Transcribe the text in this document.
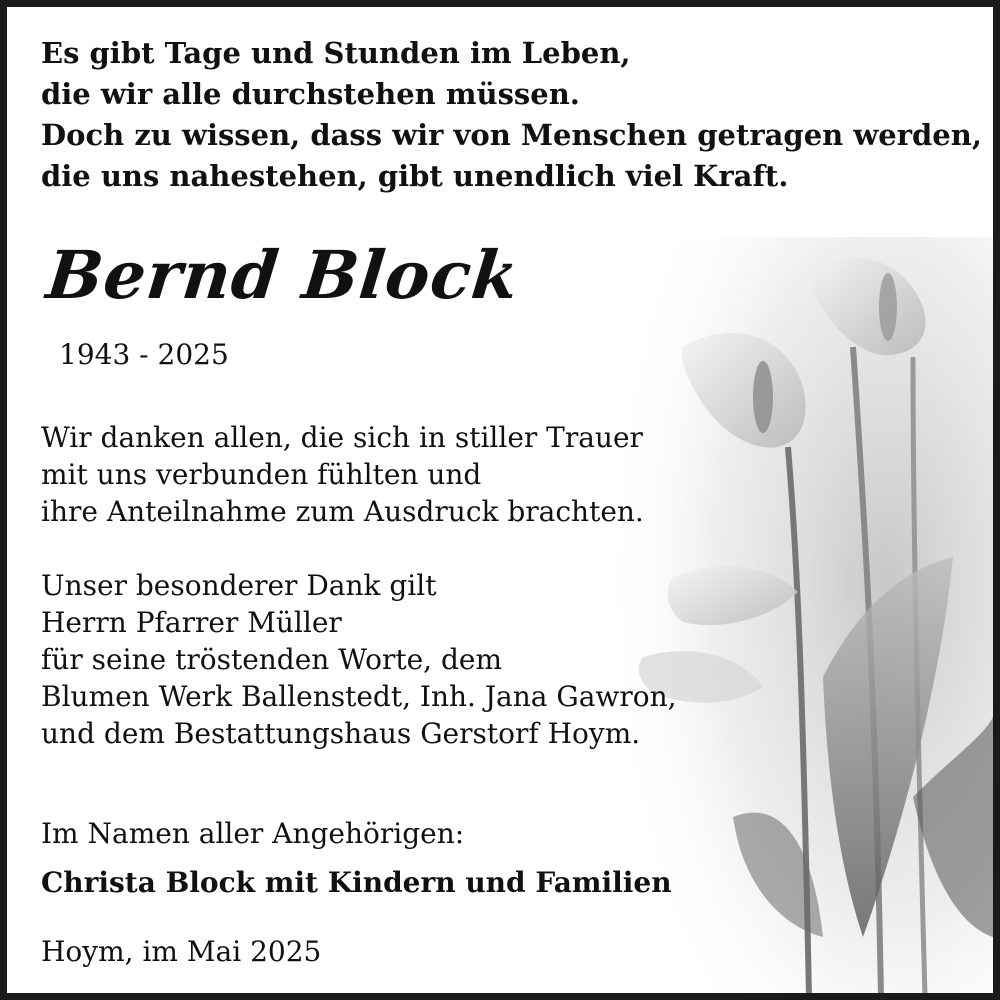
Es gibt Tage und Stunden im Leben,
die wir alle durchstehen müssen.
Doch zu wissen, dass wir von Menschen getragen werden,
die uns nahestehen, gibt unendlich viel Kraft.
Bernd Block
1943 - 2025
Wir danken allen, die sich in stiller Trauer
mit uns verbunden fühlten und
ihre Anteilnahme zum Ausdruck brachten.
Unser besonderer Dank gilt
Herrn Pfarrer Müller
für seine tröstenden Worte, dem
Blumen Werk Ballenstedt, Inh. Jana Gawron,
und dem Bestattungshaus Gerstorf Hoym.
Im Namen aller Angehörigen:
Christa Block mit Kindern und Familien
Hoym, im Mai 2025
